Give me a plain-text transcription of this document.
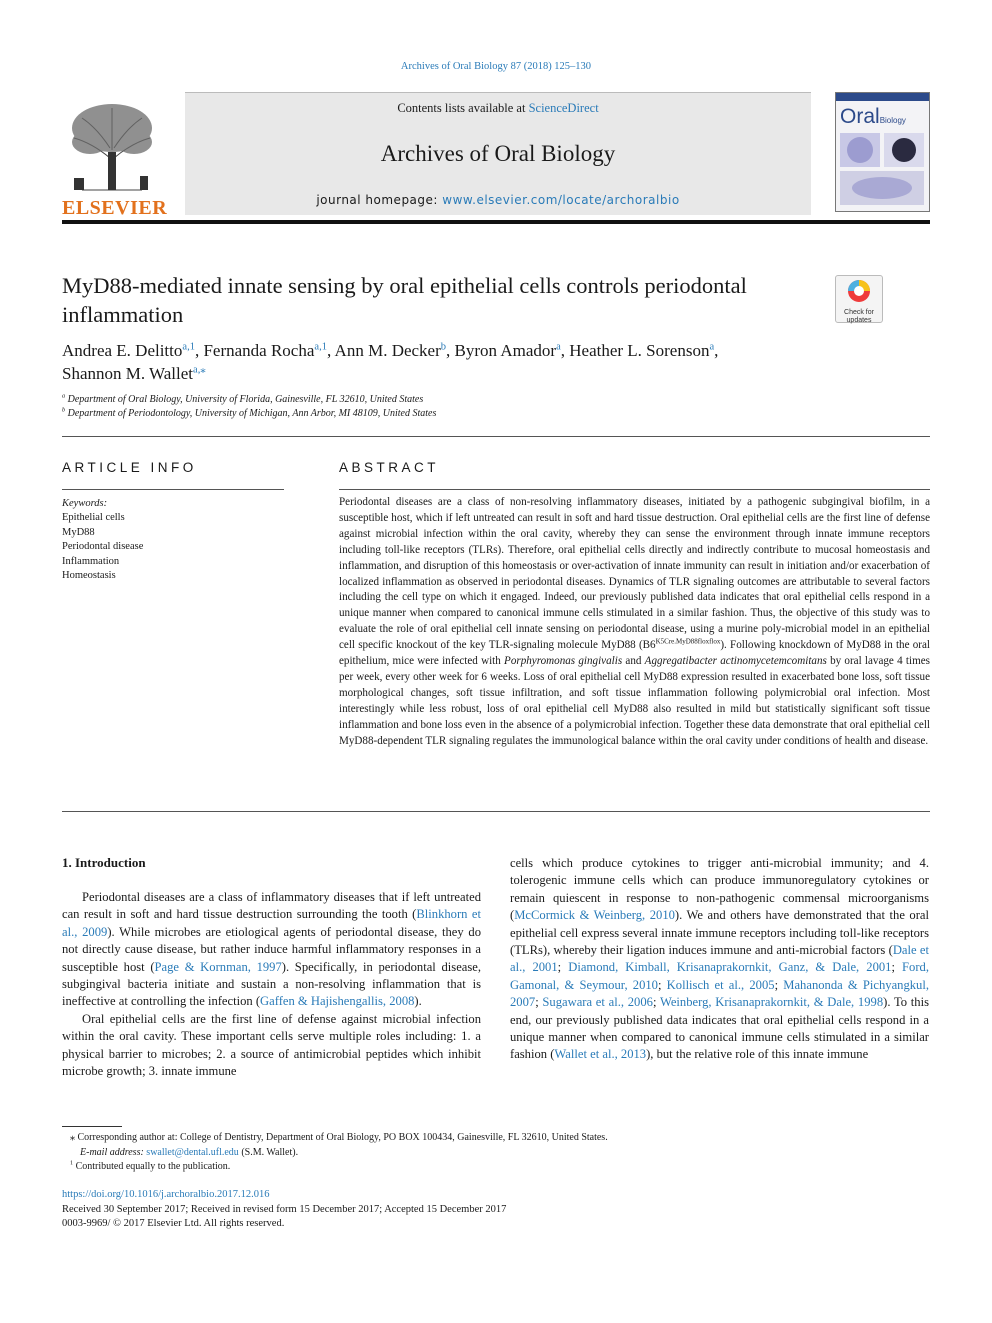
Archives of Oral Biology 87 (2018) 125–130
ELSEVIER
Contents lists available at ScienceDirect
Archives of Oral Biology
journal homepage: www.elsevier.com/locate/archoralbio
OralBiology
MyD88-mediated innate sensing by oral epithelial cells controls periodontal inflammation	Check for
updates
Andrea E. Delitto$^{a,1}$, Fernanda Rocha$^{a,1}$, Ann M. Decker$^b$, Byron Amador$^a$, Heather L. Sorenson$^a$,
Shannon M. Wallet$^{a,⁎}$
$^a$ Department of Oral Biology, University of Florida, Gainesville, FL 32610, United States
$^b$ Department of Periodontology, University of Michigan, Ann Arbor, MI 48109, United States
ARTICLE INFO
Keywords:
Epithelial cells
MyD88
Periodontal disease
Inflammation
Homeostasis
ABSTRACT
Periodontal diseases are a class of non-resolving inflammatory diseases, initiated by a pathogenic subgingival biofilm, in a susceptible host, which if left untreated can result in soft and hard tissue destruction. Oral epithelial cells are the first line of defense against microbial infection within the oral cavity, whereby they can sense the environment through innate immune receptors including toll-like receptors (TLRs). Therefore, oral epithelial cells directly and indirectly contribute to mucosal homeostasis and inflammation, and disruption of this homeostasis or over-activation of innate immunity can result in initiation and/or exacerbation of localized inflammation as observed in periodontal diseases. Dynamics of TLR signaling outcomes are attributable to several factors including the cell type on which it engaged. Indeed, our previously published data indicates that oral epithelial cells respond in a unique manner when compared to canonical immune cells stimulated in a similar fashion. Thus, the objective of this study was to evaluate the role of oral epithelial cell innate sensing on periodontal disease, using a murine poly-microbial model in an epithelial cell specific knockout of the key TLR-signaling molecule MyD88 $(B6^{K5Cre.MyD88floxflox})$. Following knockdown of MyD88 in the oral epithelium, mice were infected with Porphyromonas gingivalis and Aggregatibacter actinomycetemcomitans by oral lavage 4 times per week, every other week for 6 weeks. Loss of oral epithelial cell MyD88 expression resulted in exacerbated bone loss, soft tissue morphological changes, soft tissue infiltration, and soft tissue inflammation following polymicrobial oral infection. Most interestingly while less robust, loss of oral epithelial cell MyD88 also resulted in mild but statistically significant soft tissue inflammation and bone loss even in the absence of a polymicrobial infection. Together these data demonstrate that oral epithelial cell MyD88-dependent TLR signaling regulates the immunological balance within the oral cavity under conditions of health and disease.
1. Introduction

Periodontal diseases are a class of inflammatory diseases that if left untreated can result in soft and hard tissue destruction surrounding the tooth (Blinkhorn et al., 2009). While microbes are etiological agents of periodontal disease, they do not directly cause disease, but rather induce harmful inflammatory responses in a susceptible host (Page & Kornman, 1997). Specifically, in periodontal disease, subgingival bacteria initiate and sustain a non-resolving inflammation that is ineffective at controlling the infection (Gaffen & Hajishengallis, 2008).

Oral epithelial cells are the first line of defense against microbial infection within the oral cavity. These important cells serve multiple roles including: 1. a physical barrier to microbes; 2. a source of antimicrobial peptides which inhibit microbe growth; 3. innate immune

cells which produce cytokines to trigger anti-microbial immunity; and 4. tolerogenic immune cells which can produce immunoregulatory cytokines or remain quiescent in response to non-pathogenic commensal microorganisms (McCormick & Weinberg, 2010). We and others have demonstrated that the oral epithelial cell express several innate immune receptors including toll-like receptors (TLRs), whereby their ligation induces immune and anti-microbial factors (Dale et al., 2001; Diamond, Kimball, Krisanaprakornkit, Ganz, & Dale, 2001; Ford, Gamonal, & Seymour, 2010; Kollisch et al., 2005; Mahanonda & Pichyangkul, 2007; Sugawara et al., 2006; Weinberg, Krisanaprakornkit, & Dale, 1998). To this end, our previously published data indicates that oral epithelial cells respond in a unique manner when compared to canonical immune cells stimulated in a similar fashion (Wallet et al., 2013), but the relative role of this innate immune

⁎ Corresponding author at: College of Dentistry, Department of Oral Biology, PO BOX 100434, Gainesville, FL 32610, United States.
E-mail address: swallet@dental.ufl.edu (S.M. Wallet).
$^1$ Contributed equally to the publication.
https://doi.org/10.1016/j.archoralbio.2017.12.016
Received 30 September 2017; Received in revised form 15 December 2017; Accepted 15 December 2017
0003-9969/ © 2017 Elsevier Ltd. All rights reserved.
